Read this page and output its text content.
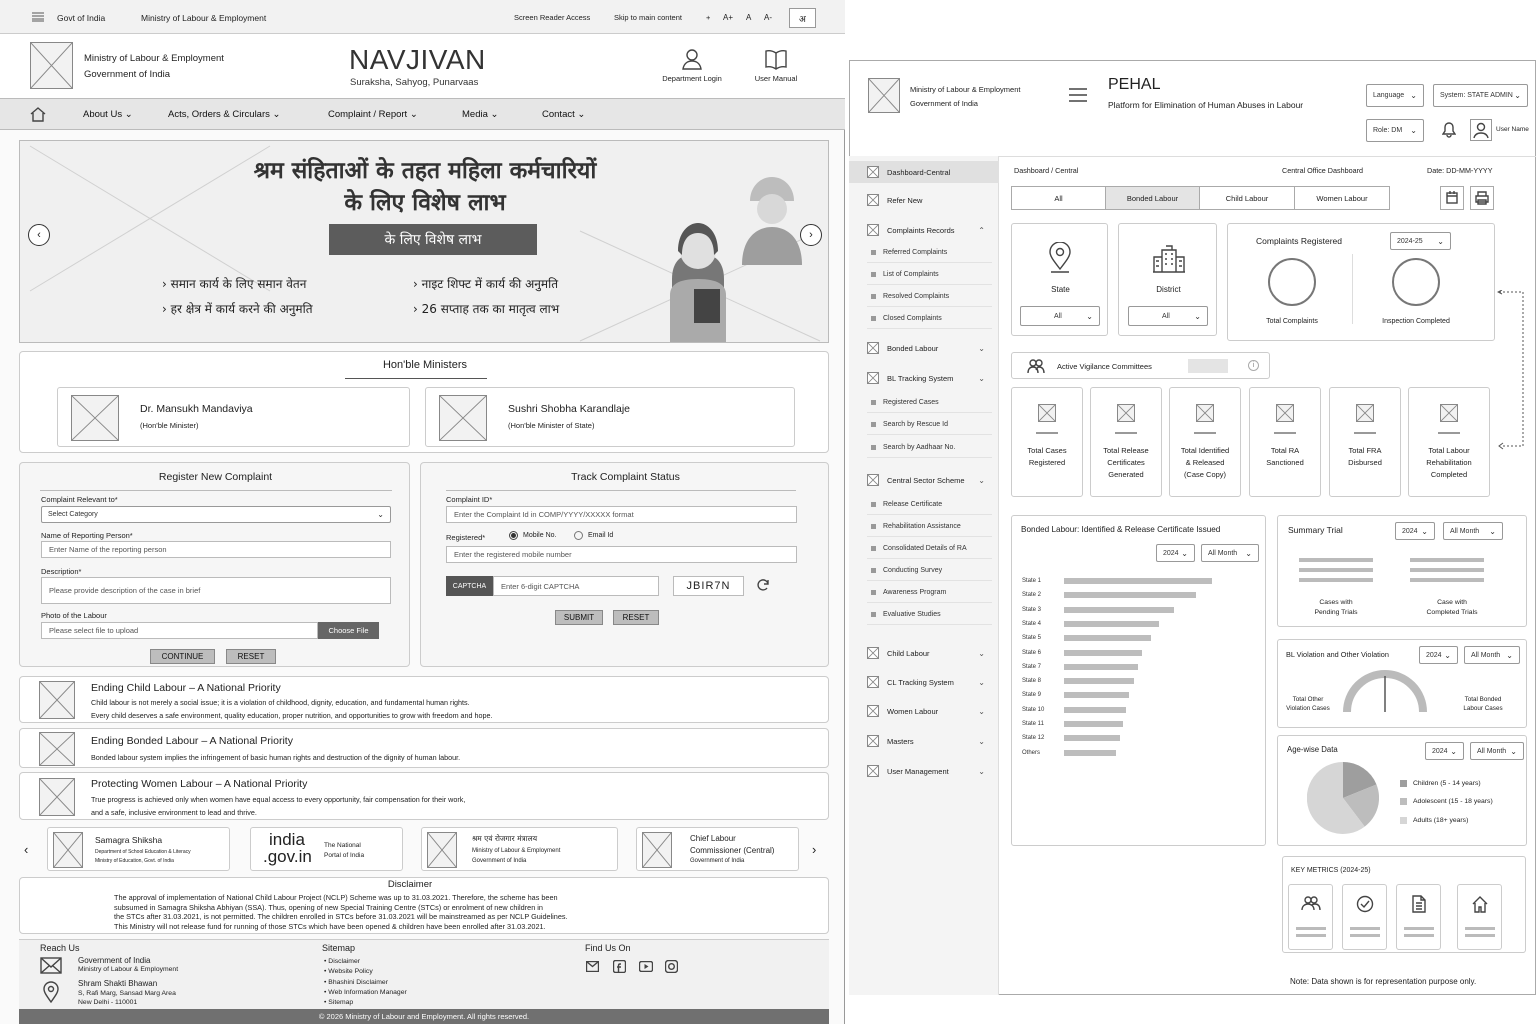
Govt of India	Ministry of Labour & Employment	Screen Reader Access	Skip to main content	+ A+ A A-	अ
Ministry of Labour & Employment
Government of India	NAVJIVAN
Suraksha, Sahyog, Punarvaas	Department Login	User Manual
About Us ⌄	Acts, Orders & Circulars ⌄	Complaint / Report ⌄	Media ⌄	Contact ⌄
श्रम संहिताओं के तहत महिला कर्मचारियों
के लिए विशेष लाभ
के लिए विशेष लाभ
› समान कार्य के लिए समान वेतन
› हर क्षेत्र में कार्य करने की अनुमति
› नाइट शिफ्ट में कार्य की अनुमति
› 26 सप्ताह तक का मातृत्व लाभ
‹	›
Hon'ble Ministers
Dr. Mansukh Mandaviya
(Hon'ble Minister)
Sushri Shobha Karandlaje
(Hon'ble Minister of State)
Register New Complaint
Complaint Relevant to*
Select Category	⌄
Name of Reporting Person*
Enter Name of the reporting person
Description*
Please provide description of the case in brief
Photo of the Labour
Please select file to upload	Choose File
CONTINUE	RESET
Track Complaint Status
Complaint ID*
Enter the Complaint Id in COMP/YYYY/XXXXX format
Registered*	Mobile No.	Email Id
Enter the registered mobile number
CAPTCHA	Enter 6-digit CAPTCHA	JBIR7N
SUBMIT	RESET
Ending Child Labour – A National Priority
Child labour is not merely a social issue; it is a violation of childhood, dignity, education, and fundamental human rights.
Every child deserves a safe environment, quality education, proper nutrition, and opportunities to grow with freedom and hope.
Ending Bonded Labour – A National Priority
Bonded labour system implies the infringement of basic human rights and destruction of the dignity of human labour.
Protecting Women Labour – A National Priority
True progress is achieved only when women have equal access to every opportunity, fair compensation for their work,
and a safe, inclusive environment to lead and thrive.
‹
Samagra Shiksha
Department of School Education & Literacy
Ministry of Education, Govt. of India
india
.gov.in
The National
Portal of India
श्रम एवं रोजगार मंत्रालय
Ministry of Labour & Employment
Government of India
Chief Labour
Commissioner (Central)
Government of India
›
Disclaimer
The approval of implementation of National Child Labour Project (NCLP) Scheme was up to 31.03.2021. Therefore, the scheme has been
subsumed in Samagra Shiksha Abhiyan (SSA). Thus, opening of new Special Training Centre (STCs) or enrolment of new children in
the STCs after 31.03.2021, is not permitted. The children enrolled in STCs before 31.03.2021 will be mainstreamed as per NCLP Guidelines.
This Ministry will not release fund for running of those STCs which have been opened & children have been enrolled after 31.03.2021.
Reach Us
Government of India
Ministry of Labour & Employment
Shram Shakti Bhawan
S, Rafi Marg, Sansad Marg Area
New Delhi - 110001
Sitemap
• Disclaimer
• Website Policy
• Bhashini Disclaimer
• Web Information Manager
• Sitemap
Find Us On
© 2026 Ministry of Labour and Employment. All rights reserved.
Ministry of Labour & Employment
Government of India
PEHAL
Platform for Elimination of Human Abuses in Labour
Language ⌄	System: STATE ADMIN ⌄
Role: DM ⌄	User Name
Dashboard-Central
Refer New
Complaints Records	⌃
Referred Complaints
List of Complaints
Resolved Complaints
Closed Complaints
Bonded Labour	⌄
BL Tracking System	⌄
Registered Cases
Search by Rescue Id
Search by Aadhaar No.
Central Sector Scheme ⌄
Release Certificate
Rehabilitation Assistance
Consolidated Details of RA
Conducting Survey
Awareness Program
Evaluative Studies
Child Labour	⌄
CL Tracking System	⌄
Women Labour	⌄
Masters	⌄
User Management	⌄
Dashboard / Central	Central Office Dashboard	Date: DD-MM-YYYY
All	Bonded Labour	Child Labour	Women Labour
State
All	⌄
District
All	⌄
Complaints Registered	2024-25 ⌄
Total Complaints	Inspection Completed
Active Vigilance Committees	i
Total Cases
Registered
Total Release
Certificates
Generated
Total Identified
& Released
(Case Copy)
Total RA
Sanctioned
Total FRA
Disbursed
Total Labour
Rehabilitation
Completed
Bonded Labour: Identified & Release Certificate Issued
2024 ⌄	All Month ⌄
State 1
State 2
State 3
State 4
State 5
State 6
State 7
State 8
State 9
State 10
State 11
State 12
Others
Summary Trial	2024 ⌄	All Month ⌄
Cases with
Pending Trials
Case with
Completed Trials
BL Violation and Other Violation	2024 ⌄	All Month ⌄
Total Other
Violation Cases
Total Bonded
Labour Cases
Age-wise Data	2024 ⌄	All Month ⌄
Children (5 - 14 years)
Adolescent (15 - 18 years)
Adults (18+ years)
KEY METRICS (2024-25)
Note: Data shown is for representation purpose only.
